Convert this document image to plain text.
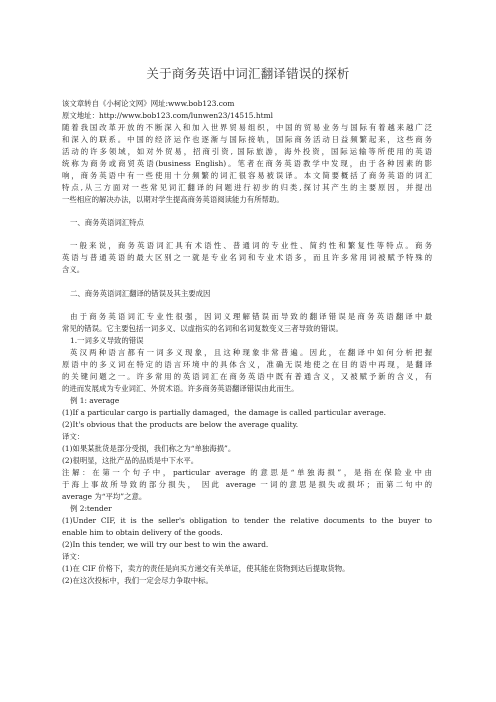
关于商务英语中词汇翻译错误的探析
该文章转自《小柯论文网》网址:www.bob123.com
原文地址：http://www.bob123.com/lunwen23/14515.html
随着我国改革开放的不断深入和加入世界贸易组织，中国的贸易业务与国际有着越来越广泛
和深入的联系。中国的经济运作也逐渐与国际接轨，国际商务活动日益频繁起来，这些商务
活动的许多领域，如对外贸易，招商引资, 国际旅游，海外投资，国际运输等所使用的英语
统称为商务或商贸英语(business English)。笔者在商务英语教学中发现，由于各种因素的影
响，商务英语中有一些使用十分频繁的词汇很容易被误译。本文简要概括了商务英语的词汇
特点,从三方面对一些常见词汇翻译的问题进行初步的归类,探讨其产生的主要原因，并提出
一些相应的解决办法，以期对学生提高商务英语阅读能力有所帮助。
一、商务英语词汇特点
一般来说，商务英语词汇具有术语性、普通词的专业性、简约性和繁复性等特点。商务
英语与普通英语的最大区别之一就是专业名词和专业术语多，而且许多常用词被赋予特殊的
含义。
二、商务英语词汇翻译的错误及其主要成因
由于商务英语词汇专业性很强，因词义理解错误而导致的翻译错误是商务英语翻译中最
常见的错误。它主要包括一词多义、以虚指实的名词和名词复数变义三者导致的错误。
1.一词多义导致的错误
英汉两种语言都有一词多义现象，且这种现象非常普遍。因此，在翻译中如何分析把握
原语中的多义词在特定的语言环境中的具体含义，准确无误地使之在目的语中再现，是翻译
的关键问题之一。许多常用的英语词汇在商务英语中既有普通含义，又被赋予新的含义，有
的进而发展成为专业词汇、外贸术语。许多商务英语翻译错误由此而生。
例 1: average
(1)If a particular cargo is partially damaged，the damage is called particular average.
(2)It's obvious that the products are below the average quality.
译文：
(1)如果某批货是部分受损，我们称之为“单独海损”。
(2)很明显，这批产品的品质是中下水平。
注解：在第一个句子中，particular average 的意思是“单独海损”，是指在保险业中由
于海上事故所导致的部分损失， 因此 average 一词的意思是损失或损坏；而第二句中的
average 为“平均”之意。
例 2:tender
(1)Under CIF, it is the seller's obligation to tender the relative documents to the buyer to
enable him to obtain delivery of the goods.
(2)In this tender, we will try our best to win the award.
译文：
(1)在 CIF 价格下，卖方的责任是向买方递交有关单证，使其能在货物到达后提取货物。
(2)在这次投标中，我们一定会尽力争取中标。
